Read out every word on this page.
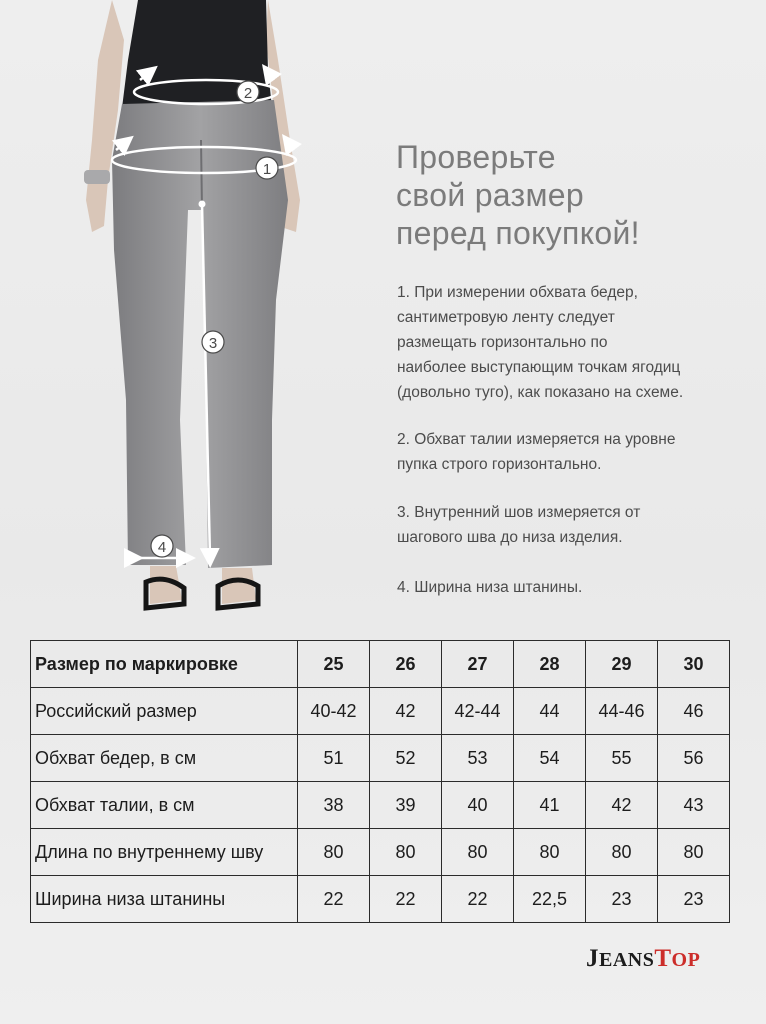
2
1
3
4
Проверьте
свой размер
перед покупкой!

1. При измерении обхвата бедер,
сантиметровую ленту следует
размещать горизонтально по
наиболее выступающим точкам ягодиц
(довольно туго), как показано на схеме.

2. Обхват талии измеряется на уровне
пупка строго горизонтально.

3. Внутренний шов измеряется от
шагового шва до низа изделия.

4. Ширина низа штанины.

Размер по маркировке	25	26	27	28	29	30
Российский размер	40-42	42	42-44	44	44-46	46
Обхват бедер, в см	51	52	53	54	55	56
Обхват талии, в см	38	39	40	41	42	43
Длина по внутреннему шву	80	80	80	80	80	80
Ширина низа штанины	22	22	22	22,5	23	23
JEANSTOP
